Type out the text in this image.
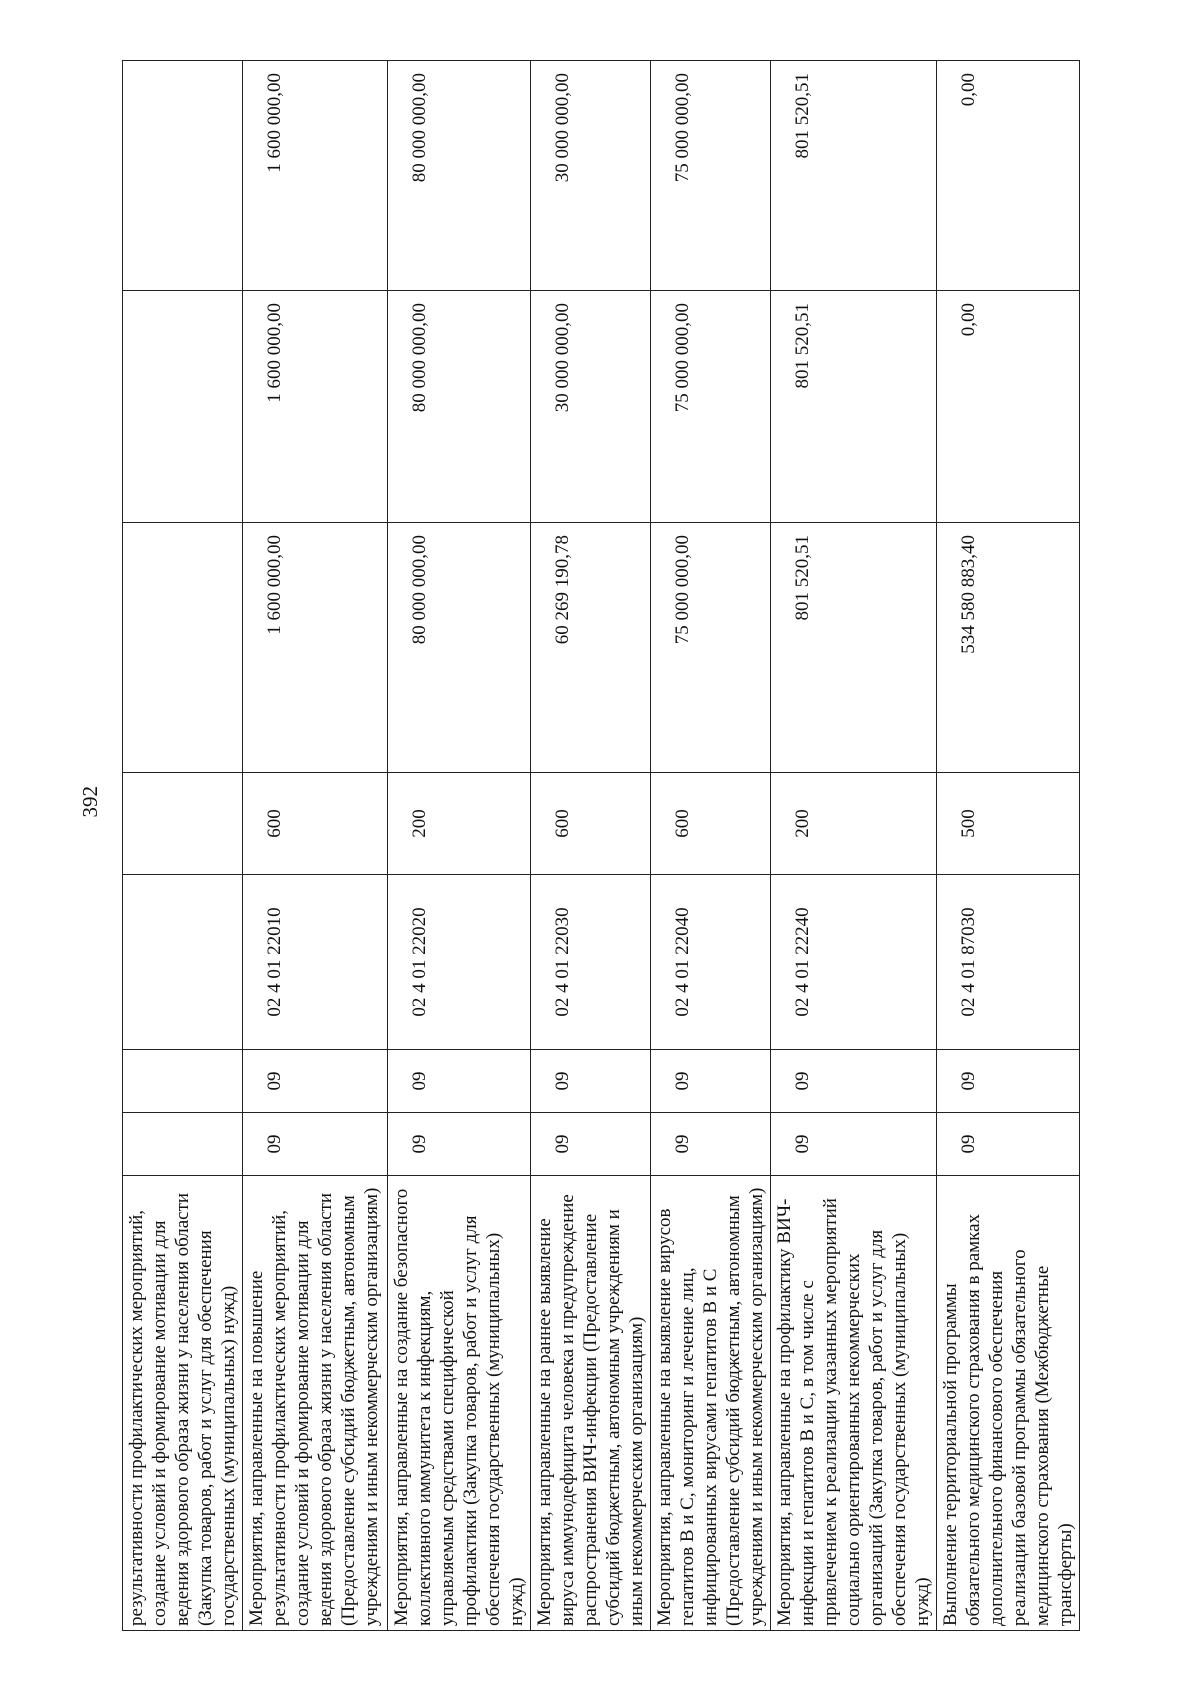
392
результативности профилактических мероприятий, создание условий и формирование мотивации для ведения здорового образа жизни у населения области (Закупка товаров, работ и услуг для обеспечения государственных (муниципальных) нужд)							
Мероприятия, направленные на повышение результативности профилактических мероприятий, создание условий и формирование мотивации для ведения здорового образа жизни у населения области (Предоставление субсидий бюджетным, автономным учреждениям и иным некоммерческим организациям)	09	09	02 4 01 22010	600	1 600 000,00	1 600 000,00	1 600 000,00
Мероприятия, направленные на создание безопасного коллективного иммунитета к инфекциям, управляемым средствами специфической профилактики (Закупка товаров, работ и услуг для обеспечения государственных (муниципальных) нужд)	09	09	02 4 01 22020	200	80 000 000,00	80 000 000,00	80 000 000,00
Мероприятия, направленные на раннее выявление вируса иммунодефицита человека и предупреждение распространения ВИЧ-инфекции (Предоставление субсидий бюджетным, автономным учреждениям и иным некоммерческим организациям)	09	09	02 4 01 22030	600	60 269 190,78	30 000 000,00	30 000 000,00
Мероприятия, направленные на выявление вирусов гепатитов В и С, мониторинг и лечение лиц, инфицированных вирусами гепатитов В и С (Предоставление субсидий бюджетным, автономным учреждениям и иным некоммерческим организациям)	09	09	02 4 01 22040	600	75 000 000,00	75 000 000,00	75 000 000,00
Мероприятия, направленные на профилактику ВИЧ-инфекции и гепатитов В и С, в том числе с привлечением к реализации указанных мероприятий социально ориентированных некоммерческих организаций (Закупка товаров, работ и услуг для обеспечения государственных (муниципальных) нужд)	09	09	02 4 01 22240	200	801 520,51	801 520,51	801 520,51
Выполнение территориальной программы обязательного медицинского страхования в рамках дополнительного финансового обеспечения реализации базовой программы обязательного медицинского страхования (Межбюджетные трансферты)	09	09	02 4 01 87030	500	534 580 883,40	0,00	0,00
